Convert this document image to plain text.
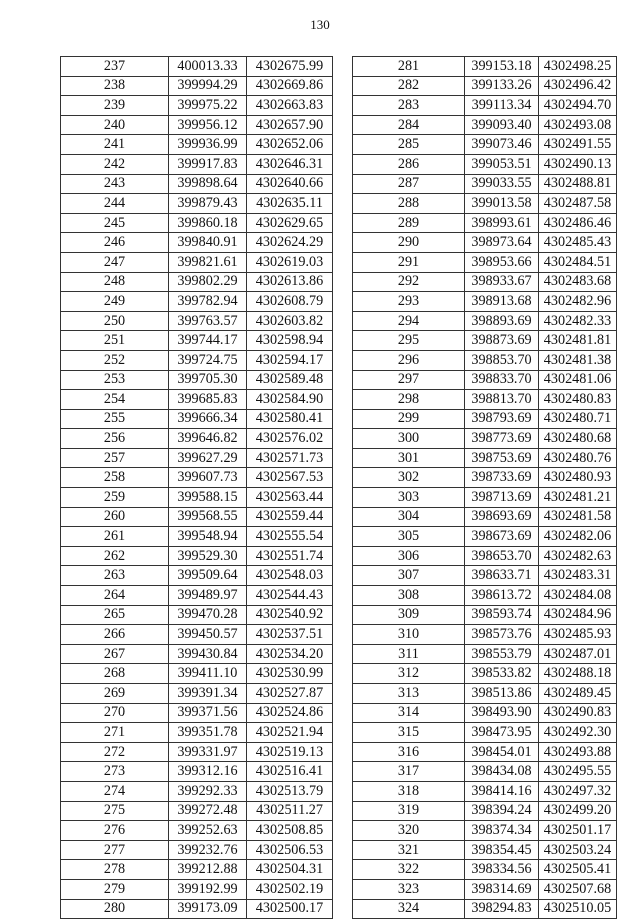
130
237	400013.33	4302675.99
238	399994.29	4302669.86
239	399975.22	4302663.83
240	399956.12	4302657.90
241	399936.99	4302652.06
242	399917.83	4302646.31
243	399898.64	4302640.66
244	399879.43	4302635.11
245	399860.18	4302629.65
246	399840.91	4302624.29
247	399821.61	4302619.03
248	399802.29	4302613.86
249	399782.94	4302608.79
250	399763.57	4302603.82
251	399744.17	4302598.94
252	399724.75	4302594.17
253	399705.30	4302589.48
254	399685.83	4302584.90
255	399666.34	4302580.41
256	399646.82	4302576.02
257	399627.29	4302571.73
258	399607.73	4302567.53
259	399588.15	4302563.44
260	399568.55	4302559.44
261	399548.94	4302555.54
262	399529.30	4302551.74
263	399509.64	4302548.03
264	399489.97	4302544.43
265	399470.28	4302540.92
266	399450.57	4302537.51
267	399430.84	4302534.20
268	399411.10	4302530.99
269	399391.34	4302527.87
270	399371.56	4302524.86
271	399351.78	4302521.94
272	399331.97	4302519.13
273	399312.16	4302516.41
274	399292.33	4302513.79
275	399272.48	4302511.27
276	399252.63	4302508.85
277	399232.76	4302506.53
278	399212.88	4302504.31
279	399192.99	4302502.19
280	399173.09	4302500.17
281	399153.18	4302498.25
282	399133.26	4302496.42
283	399113.34	4302494.70
284	399093.40	4302493.08
285	399073.46	4302491.55
286	399053.51	4302490.13
287	399033.55	4302488.81
288	399013.58	4302487.58
289	398993.61	4302486.46
290	398973.64	4302485.43
291	398953.66	4302484.51
292	398933.67	4302483.68
293	398913.68	4302482.96
294	398893.69	4302482.33
295	398873.69	4302481.81
296	398853.70	4302481.38
297	398833.70	4302481.06
298	398813.70	4302480.83
299	398793.69	4302480.71
300	398773.69	4302480.68
301	398753.69	4302480.76
302	398733.69	4302480.93
303	398713.69	4302481.21
304	398693.69	4302481.58
305	398673.69	4302482.06
306	398653.70	4302482.63
307	398633.71	4302483.31
308	398613.72	4302484.08
309	398593.74	4302484.96
310	398573.76	4302485.93
311	398553.79	4302487.01
312	398533.82	4302488.18
313	398513.86	4302489.45
314	398493.90	4302490.83
315	398473.95	4302492.30
316	398454.01	4302493.88
317	398434.08	4302495.55
318	398414.16	4302497.32
319	398394.24	4302499.20
320	398374.34	4302501.17
321	398354.45	4302503.24
322	398334.56	4302505.41
323	398314.69	4302507.68
324	398294.83	4302510.05
